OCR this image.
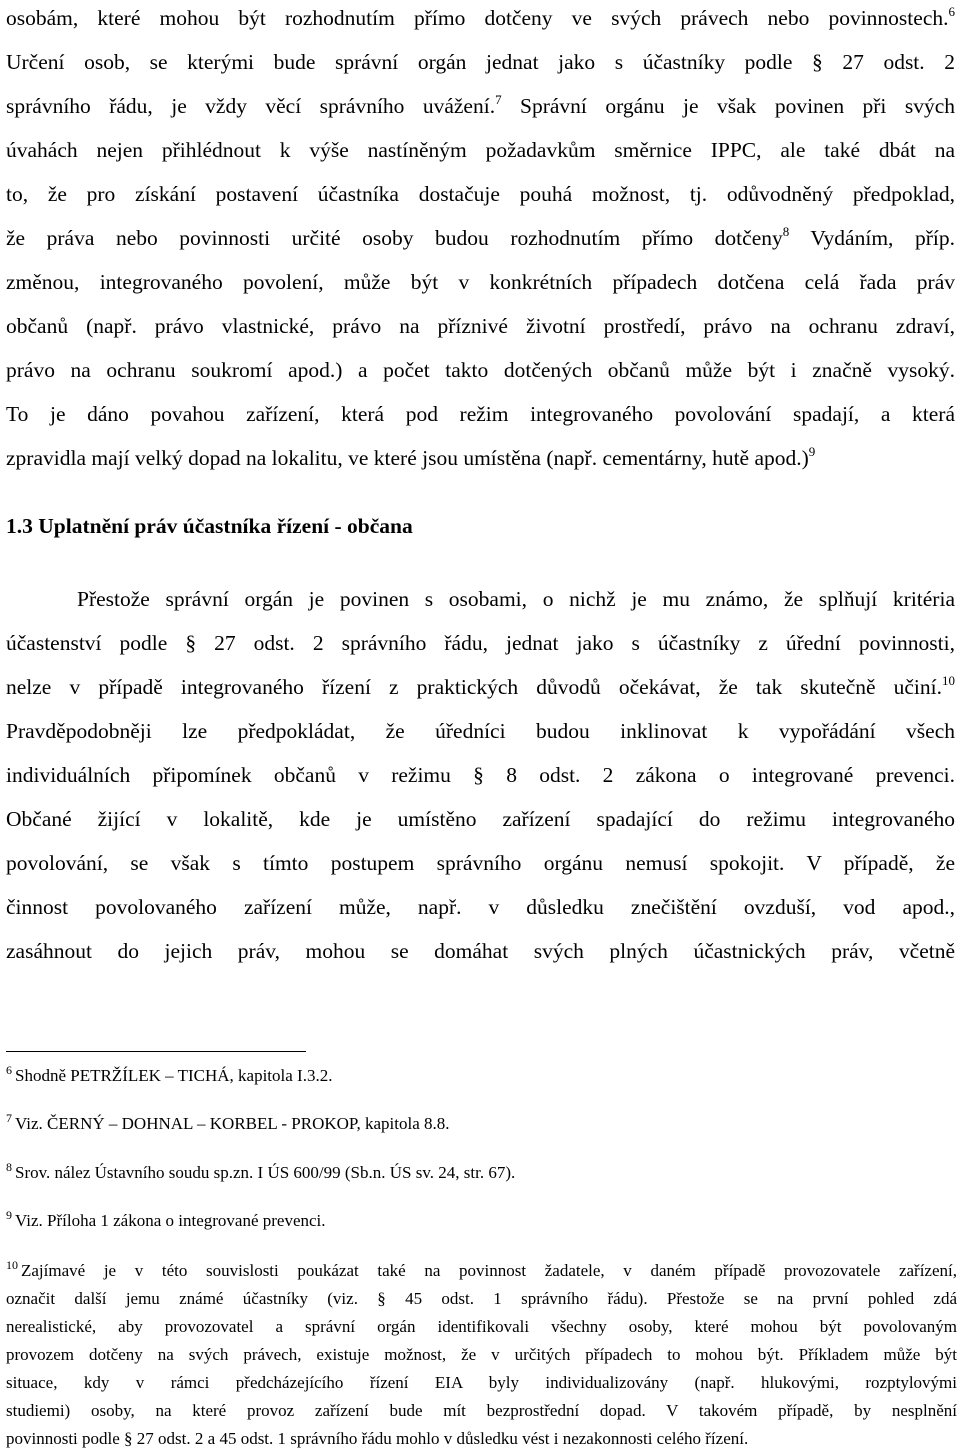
osobám, které mohou být rozhodnutím přímo dotčeny ve svých právech nebo povinnostech.$^6$
Určení osob, se kterými bude správní orgán jednat jako s účastníky podle § 27 odst. 2
správního řádu, je vždy věcí správního uvážení.$^7$ Správní orgánu je však povinen při svých
úvahách nejen přihlédnout k výše nastíněným požadavkům směrnice IPPC, ale také dbát na
to, že pro získání postavení účastníka dostačuje pouhá možnost, tj. odůvodněný předpoklad,
že práva nebo povinnosti určité osoby budou rozhodnutím přímo dotčeny$^8$ Vydáním, příp.
změnou, integrovaného povolení, může být v konkrétních případech dotčena celá řada práv
občanů (např. právo vlastnické, právo na příznivé životní prostředí, právo na ochranu zdraví,
právo na ochranu soukromí apod.) a počet takto dotčených občanů může být i značně vysoký.
To je dáno povahou zařízení, která pod režim integrovaného povolování spadají, a která
zpravidla mají velký dopad na lokalitu, ve které jsou umístěna (např. cementárny, hutě apod.)$^9$
1.3 Uplatnění práv účastníka řízení - občana
Přestože správní orgán je povinen s osobami, o nichž je mu známo, že splňují kritéria
účastenství podle § 27 odst. 2 správního řádu, jednat jako s účastníky z úřední povinnosti,
nelze v případě integrovaného řízení z praktických důvodů očekávat, že tak skutečně učiní.$^{10}$
Pravděpodobněji lze předpokládat, že úředníci budou inklinovat k vypořádání všech
individuálních připomínek občanů v režimu § 8 odst. 2 zákona o integrované prevenci.
Občané žijící v lokalitě, kde je umístěno zařízení spadající do režimu integrovaného
povolování, se však s tímto postupem správního orgánu nemusí spokojit. V případě, že
činnost povolovaného zařízení může, např. v důsledku znečištění ovzduší, vod apod.,
zasáhnout do jejich práv, mohou se domáhat svých plných účastnických práv, včetně
$^6$ Shodně PETRŽÍLEK – TICHÁ, kapitola I.3.2.
$^7$ Viz. ČERNÝ – DOHNAL – KORBEL - PROKOP, kapitola 8.8.
$^8$ Srov. nález Ústavního soudu sp.zn. I ÚS 600/99 (Sb.n. ÚS sv. 24, str. 67).
$^9$ Viz. Příloha 1 zákona o integrované prevenci.
$^{10}$ Zajímavé je v této souvislosti poukázat také na povinnost žadatele, v daném případě provozovatele zařízení,
označit další jemu známé účastníky (viz. § 45 odst. 1 správního řádu). Přestože se na první pohled zdá
nerealistické, aby provozovatel a správní orgán identifikovali všechny osoby, které mohou být povolovaným
provozem dotčeny na svých právech, existuje možnost, že v určitých případech to mohou být. Příkladem může být
situace, kdy v rámci předcházejícího řízení EIA byly individualizovány (např. hlukovými, rozptylovými
studiemi) osoby, na které provoz zařízení bude mít bezprostřední dopad. V takovém případě, by nesplnění
povinnosti podle § 27 odst. 2 a 45 odst. 1 správního řádu mohlo v důsledku vést i nezakonnosti celého řízení.
